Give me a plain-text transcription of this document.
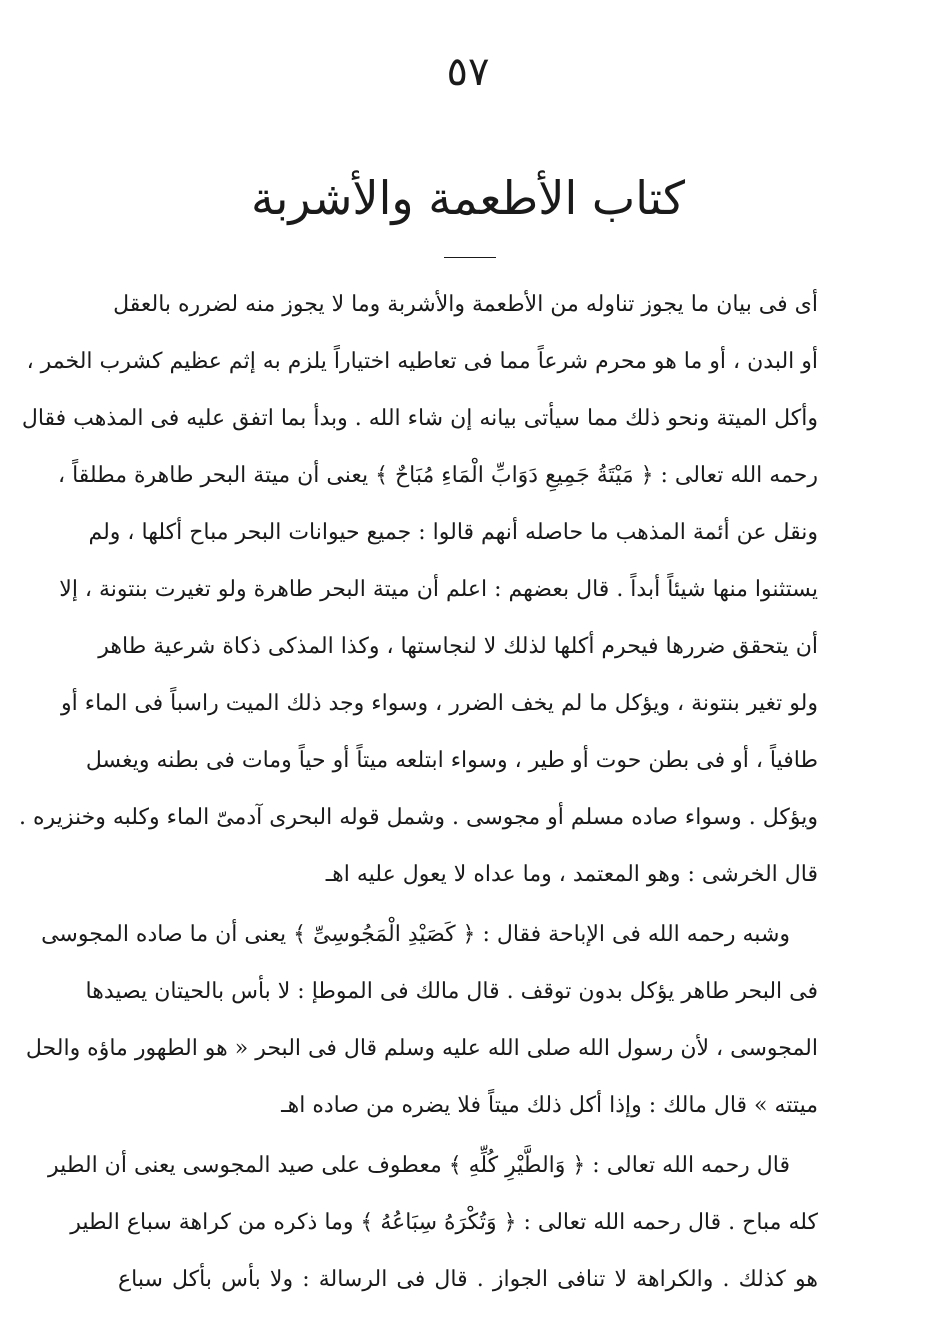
٥٧
كتاب الأطعمة والأشربة
أى فى بيان ما يجوز تناوله من الأطعمة والأشربة وما لا يجوز منه لضرره بالعقل
أو البدن ، أو ما هو محرم شرعاً مما فى تعاطيه اختياراً يلزم به إثم عظيم كشرب الخمر ،
وأكل الميتة ونحو ذلك مما سيأتى بيانه إن شاء الله . وبدأ بما اتفق عليه فى المذهب فقال
رحمه الله تعالى : ﴿ مَيْتَةُ جَمِيعِ دَوَابِّ الْمَاءِ مُبَاحٌ ﴾ يعنى أن ميتة البحر طاهرة مطلقاً ،
ونقل عن أئمة المذهب ما حاصله أنهم قالوا : جميع حيوانات البحر مباح أكلها ، ولم
يستثنوا منها شيئاً أبداً . قال بعضهم : اعلم أن ميتة البحر طاهرة ولو تغيرت بنتونة ، إلا
أن يتحقق ضررها فيحرم أكلها لذلك لا لنجاستها ، وكذا المذكى ذكاة شرعية طاهر
ولو تغير بنتونة ، ويؤكل ما لم يخف الضرر ، وسواء وجد ذلك الميت راسباً فى الماء أو
طافياً ، أو فى بطن حوت أو طير ، وسواء ابتلعه ميتاً أو حياً ومات فى بطنه ويغسل
ويؤكل . وسواء صاده مسلم أو مجوسى . وشمل قوله البحرى آدمىّ الماء وكلبه وخنزيره .
قال الخرشى : وهو المعتمد ، وما عداه لا يعول عليه اهـ
وشبه رحمه الله فى الإباحة فقال : ﴿ كَصَيْدِ الْمَجُوسِىِّ ﴾ يعنى أن ما صاده المجوسى
فى البحر طاهر يؤكل بدون توقف . قال مالك فى الموطإ : لا بأس بالحيتان يصيدها
المجوسى ، لأن رسول الله صلى الله عليه وسلم قال فى البحر « هو الطهور ماؤه والحل
ميتته » قال مالك : وإذا أكل ذلك ميتاً فلا يضره من صاده اهـ
قال رحمه الله تعالى : ﴿ وَالطَّيْرِ كُلِّهِ ﴾ معطوف على صيد المجوسى يعنى أن الطير
كله مباح . قال رحمه الله تعالى : ﴿ وَتُكْرَهُ سِبَاعُهُ ﴾ وما ذكره من كراهة سباع الطير
هو كذلك . والكراهة لا تنافى الجواز . قال فى الرسالة : ولا بأس بأكل سباع
